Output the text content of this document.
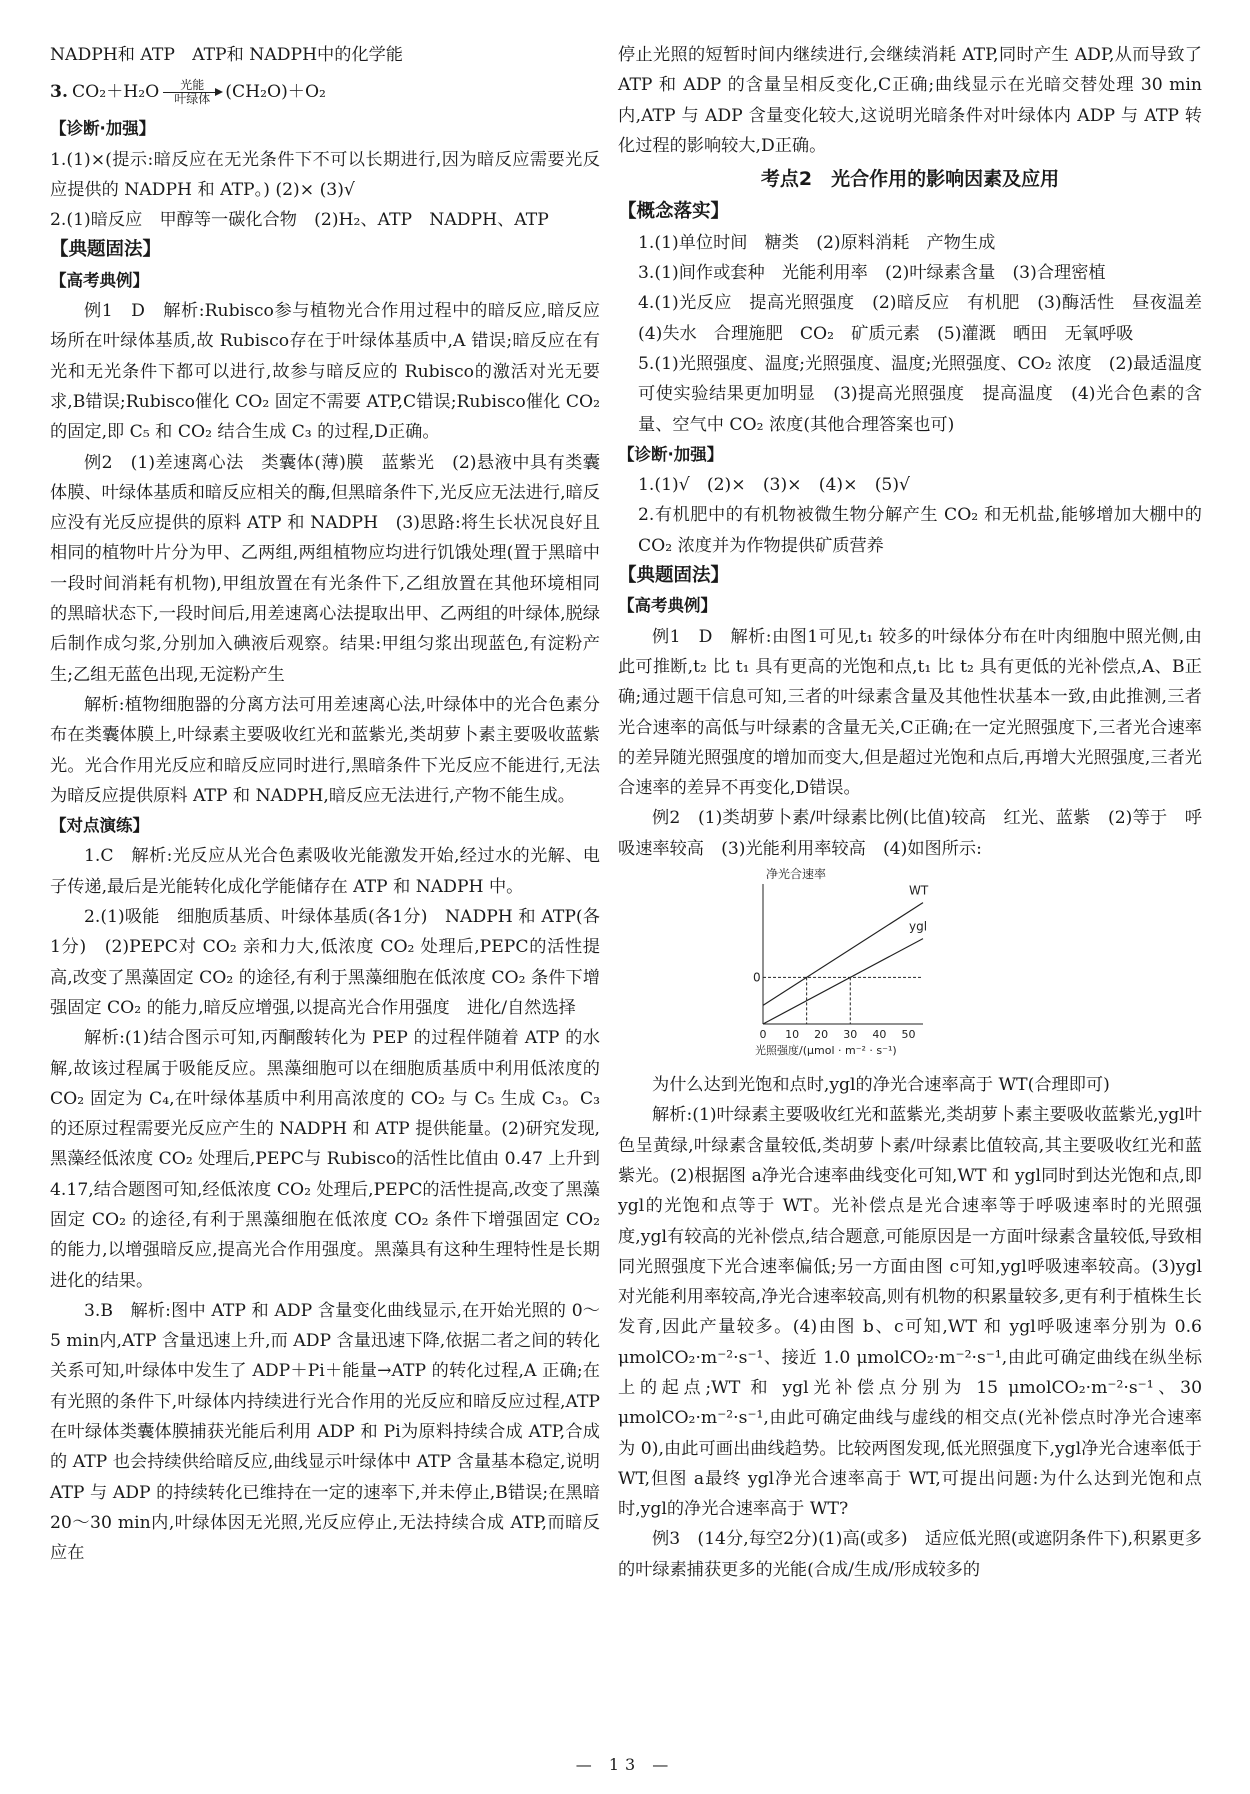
NADPH和 ATP　ATP和 NADPH中的化学能

3. CO₂＋H₂O 光能
叶绿体 (CH₂O)＋O₂

【诊断·加强】

1.(1)×(提示:暗反应在无光条件下不可以长期进行,因为暗反应需要光反应提供的 NADPH 和 ATP。) (2)× (3)√

2.(1)暗反应　甲醇等一碳化合物　(2)H₂、ATP　NADPH、ATP

【典题固法】

【高考典例】

例1　D　解析:Rubisco参与植物光合作用过程中的暗反应,暗反应场所在叶绿体基质,故 Rubisco存在于叶绿体基质中,A 错误;暗反应在有光和无光条件下都可以进行,故参与暗反应的 Rubisco的激活对光无要求,B错误;Rubisco催化 CO₂ 固定不需要 ATP,C错误;Rubisco催化 CO₂ 的固定,即 C₅ 和 CO₂ 结合生成 C₃ 的过程,D正确。

例2　(1)差速离心法　类囊体(薄)膜　蓝紫光　(2)悬液中具有类囊体膜、叶绿体基质和暗反应相关的酶,但黑暗条件下,光反应无法进行,暗反应没有光反应提供的原料 ATP 和 NADPH　(3)思路:将生长状况良好且相同的植物叶片分为甲、乙两组,两组植物应均进行饥饿处理(置于黑暗中一段时间消耗有机物),甲组放置在有光条件下,乙组放置在其他环境相同的黑暗状态下,一段时间后,用差速离心法提取出甲、乙两组的叶绿体,脱绿后制作成匀浆,分别加入碘液后观察。结果:甲组匀浆出现蓝色,有淀粉产生;乙组无蓝色出现,无淀粉产生

解析:植物细胞器的分离方法可用差速离心法,叶绿体中的光合色素分布在类囊体膜上,叶绿素主要吸收红光和蓝紫光,类胡萝卜素主要吸收蓝紫光。光合作用光反应和暗反应同时进行,黑暗条件下光反应不能进行,无法为暗反应提供原料 ATP 和 NADPH,暗反应无法进行,产物不能生成。

【对点演练】

1.C　解析:光反应从光合色素吸收光能激发开始,经过水的光解、电子传递,最后是光能转化成化学能储存在 ATP 和 NADPH 中。

2.(1)吸能　细胞质基质、叶绿体基质(各1分)　NADPH 和 ATP(各1分)　(2)PEPC对 CO₂ 亲和力大,低浓度 CO₂ 处理后,PEPC的活性提高,改变了黑藻固定 CO₂ 的途径,有利于黑藻细胞在低浓度 CO₂ 条件下增强固定 CO₂ 的能力,暗反应增强,以提高光合作用强度　进化/自然选择

解析:(1)结合图示可知,丙酮酸转化为 PEP 的过程伴随着 ATP 的水解,故该过程属于吸能反应。黑藻细胞可以在细胞质基质中利用低浓度的 CO₂ 固定为 C₄,在叶绿体基质中利用高浓度的 CO₂ 与 C₅ 生成 C₃。C₃ 的还原过程需要光反应产生的 NADPH 和 ATP 提供能量。(2)研究发现,黑藻经低浓度 CO₂ 处理后,PEPC与 Rubisco的活性比值由 0.47 上升到 4.17,结合题图可知,经低浓度 CO₂ 处理后,PEPC的活性提高,改变了黑藻固定 CO₂ 的途径,有利于黑藻细胞在低浓度 CO₂ 条件下增强固定 CO₂ 的能力,以增强暗反应,提高光合作用强度。黑藻具有这种生理特性是长期进化的结果。

3.B　解析:图中 ATP 和 ADP 含量变化曲线显示,在开始光照的 0～5 min内,ATP 含量迅速上升,而 ADP 含量迅速下降,依据二者之间的转化关系可知,叶绿体中发生了 ADP＋Pi＋能量→ATP 的转化过程,A 正确;在有光照的条件下,叶绿体内持续进行光合作用的光反应和暗反应过程,ATP在叶绿体类囊体膜捕获光能后利用 ADP 和 Pi为原料持续合成 ATP,合成的 ATP 也会持续供给暗反应,曲线显示叶绿体中 ATP 含量基本稳定,说明 ATP 与 ADP 的持续转化已维持在一定的速率下,并未停止,B错误;在黑暗 20～30 min内,叶绿体因无光照,光反应停止,无法持续合成 ATP,而暗反应在

停止光照的短暂时间内继续进行,会继续消耗 ATP,同时产生 ADP,从而导致了 ATP 和 ADP 的含量呈相反变化,C正确;曲线显示在光暗交替处理 30 min内,ATP 与 ADP 含量变化较大,这说明光暗条件对叶绿体内 ADP 与 ATP 转化过程的影响较大,D正确。

考点2　光合作用的影响因素及应用

【概念落实】

1.(1)单位时间　糖类　(2)原料消耗　产物生成

3.(1)间作或套种　光能利用率　(2)叶绿素含量　(3)合理密植

4.(1)光反应　提高光照强度　(2)暗反应　有机肥　(3)酶活性　昼夜温差　(4)失水　合理施肥　CO₂　矿质元素　(5)灌溉　晒田　无氧呼吸

5.(1)光照强度、温度;光照强度、温度;光照强度、CO₂ 浓度　(2)最适温度　可使实验结果更加明显　(3)提高光照强度　提高温度　(4)光合色素的含量、空气中 CO₂ 浓度(其他合理答案也可)

【诊断·加强】

1.(1)√　(2)×　(3)×　(4)×　(5)√

2.有机肥中的有机物被微生物分解产生 CO₂ 和无机盐,能够增加大棚中的 CO₂ 浓度并为作物提供矿质营养

【典题固法】

【高考典例】

例1　D　解析:由图1可见,t₁ 较多的叶绿体分布在叶肉细胞中照光侧,由此可推断,t₂ 比 t₁ 具有更高的光饱和点,t₁ 比 t₂ 具有更低的光补偿点,A、B正确;通过题干信息可知,三者的叶绿素含量及其他性状基本一致,由此推测,三者光合速率的高低与叶绿素的含量无关,C正确;在一定光照强度下,三者光合速率的差异随光照强度的增加而变大,但是超过光饱和点后,再增大光照强度,三者光合速率的差异不再变化,D错误。

例2　(1)类胡萝卜素/叶绿素比例(比值)较高　红光、蓝紫　(2)等于　呼吸速率较高　(3)光能利用率较高　(4)如图所示:

WT
ygl
0
0 10 20 30 40 50
净光合速率
光照强度/(μmol · m⁻² · s⁻¹)

为什么达到光饱和点时,ygl的净光合速率高于 WT(合理即可)

解析:(1)叶绿素主要吸收红光和蓝紫光,类胡萝卜素主要吸收蓝紫光,ygl叶色呈黄绿,叶绿素含量较低,类胡萝卜素/叶绿素比值较高,其主要吸收红光和蓝紫光。(2)根据图 a净光合速率曲线变化可知,WT 和 ygl同时到达光饱和点,即 ygl的光饱和点等于 WT。光补偿点是光合速率等于呼吸速率时的光照强度,ygl有较高的光补偿点,结合题意,可能原因是一方面叶绿素含量较低,导致相同光照强度下光合速率偏低;另一方面由图 c可知,ygl呼吸速率较高。(3)ygl对光能利用率较高,净光合速率较高,则有机物的积累量较多,更有利于植株生长发育,因此产量较多。(4)由图 b、c可知,WT 和 ygl呼吸速率分别为 0.6 μmolCO₂·m⁻²·s⁻¹、接近 1.0 μmolCO₂·m⁻²·s⁻¹,由此可确定曲线在纵坐标上的起点;WT 和 ygl光补偿点分别为 15 μmolCO₂·m⁻²·s⁻¹、30 μmolCO₂·m⁻²·s⁻¹,由此可确定曲线与虚线的相交点(光补偿点时净光合速率为 0),由此可画出曲线趋势。比较两图发现,低光照强度下,ygl净光合速率低于 WT,但图 a最终 ygl净光合速率高于 WT,可提出问题:为什么达到光饱和点时,ygl的净光合速率高于 WT?

例3　(14分,每空2分)(1)高(或多)　适应低光照(或遮阴条件下),积累更多的叶绿素捕获更多的光能(合成/生成/形成较多的

— 13 —
